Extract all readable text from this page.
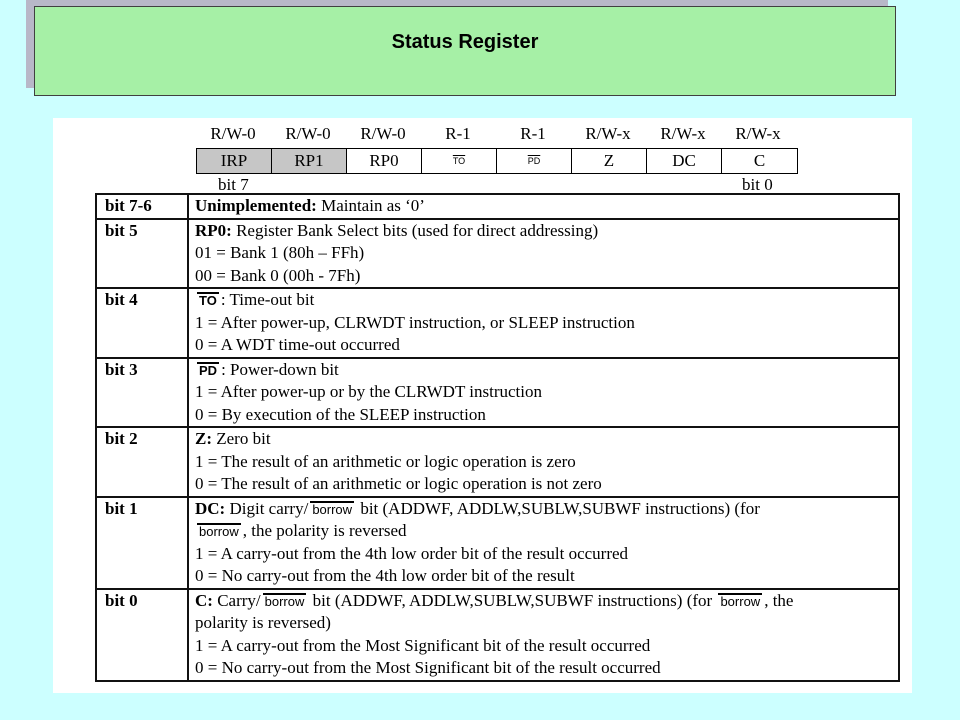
Status Register
R/W-0	R/W-0	R/W-0	R-1	R-1	R/W-x	R/W-x	R/W-x
IRP	RP1	RP0	$\overline{TO}$	$\overline{PD}$	Z	DC	C
bit 7	bit 0
bit 7-6	Unimplemented: Maintain as ‘0’
bit 5	RP0: Register Bank Select bits (used for direct addressing)
01 = Bank 1 (80h – FFh)
00 = Bank 0 (00h - 7Fh)

bit 4	TO : Time-out bit
1 = After power-up, CLRWDT instruction, or SLEEP instruction
0 = A WDT time-out occurred

bit 3	PD : Power-down bit
1 = After power-up or by the CLRWDT instruction
0 = By execution of the SLEEP instruction

bit 2	Z: Zero bit
1 = The result of an arithmetic or logic operation is zero
0 = The result of an arithmetic or logic operation is not zero

bit 1	DC: Digit carry/ borrow bit (ADDWF, ADDLW,SUBLW,SUBWF instructions) (for
borrow , the polarity is reversed
1 = A carry-out from the 4th low order bit of the result occurred
0 = No carry-out from the 4th low order bit of the result

bit 0	C: Carry/ borrow bit (ADDWF, ADDLW,SUBLW,SUBWF instructions) (for borrow , the
polarity is reversed)
1 = A carry-out from the Most Significant bit of the result occurred
0 = No carry-out from the Most Significant bit of the result occurred
